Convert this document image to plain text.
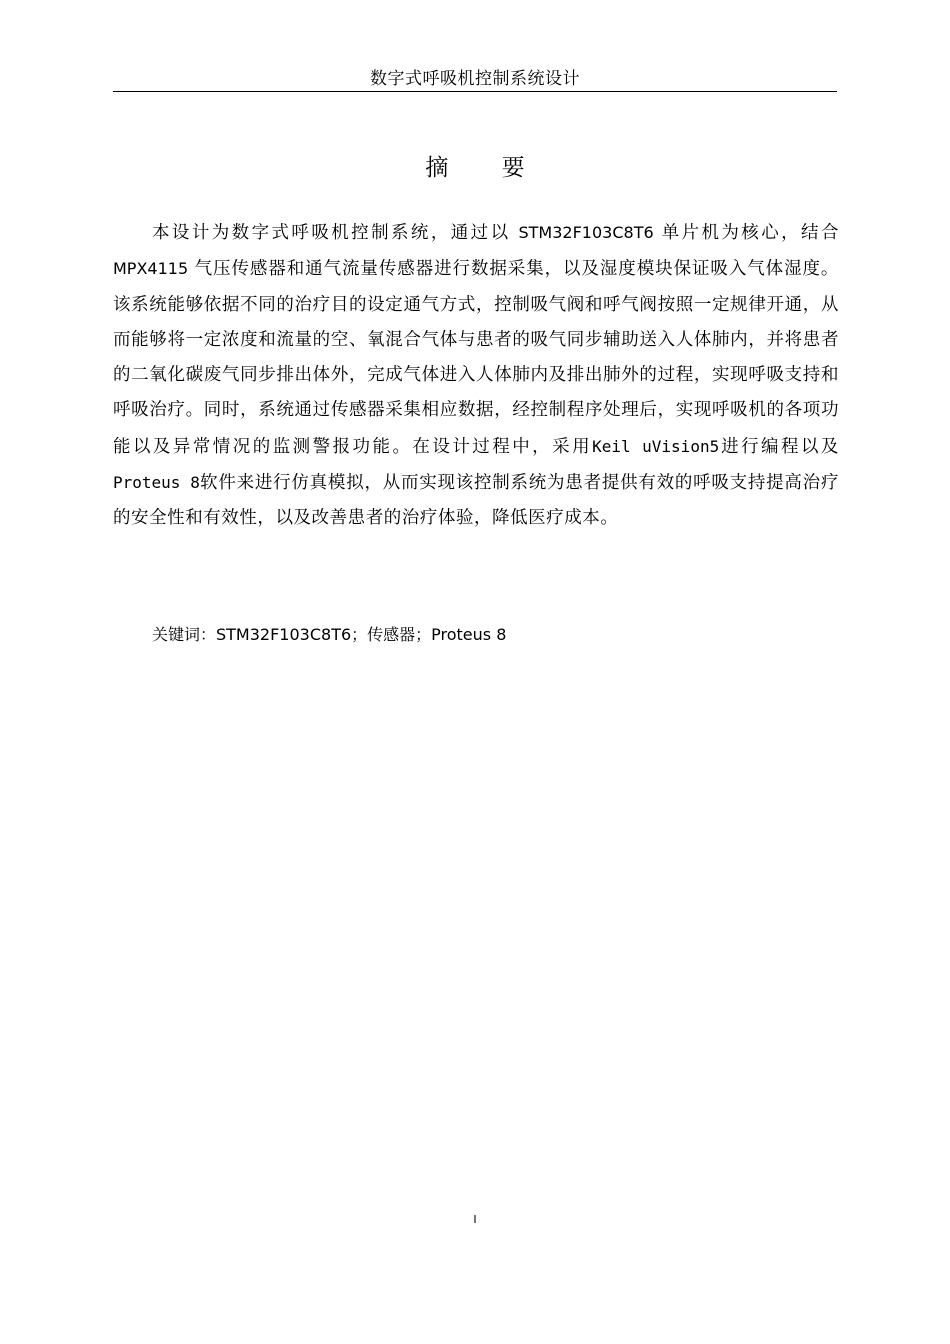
数字式呼吸机控制系统设计
摘 要

本设计为数字式呼吸机控制系统，通过以 STM32F103C8T6 单片机为核心，结合MPX4115 气压传感器和通气流量传感器进行数据采集，以及湿度模块保证吸入气体湿度。该系统能够依据不同的治疗目的设定通气方式，控制吸气阀和呼气阀按照一定规律开通，从而能够将一定浓度和流量的空、氧混合气体与患者的吸气同步辅助送入人体肺内，并将患者的二氧化碳废气同步排出体外，完成气体进入人体肺内及排出肺外的过程，实现呼吸支持和呼吸治疗。同时，系统通过传感器采集相应数据，经控制程序处理后，实现呼吸机的各项功能以及异常情况的监测警报功能。在设计过程中，采用Keil uVision5进行编程以及Proteus 8软件来进行仿真模拟，从而实现该控制系统为患者提供有效的呼吸支持提高治疗的安全性和有效性，以及改善患者的治疗体验，降低医疗成本。

关键词：STM32F103C8T6；传感器；Proteus 8
I
